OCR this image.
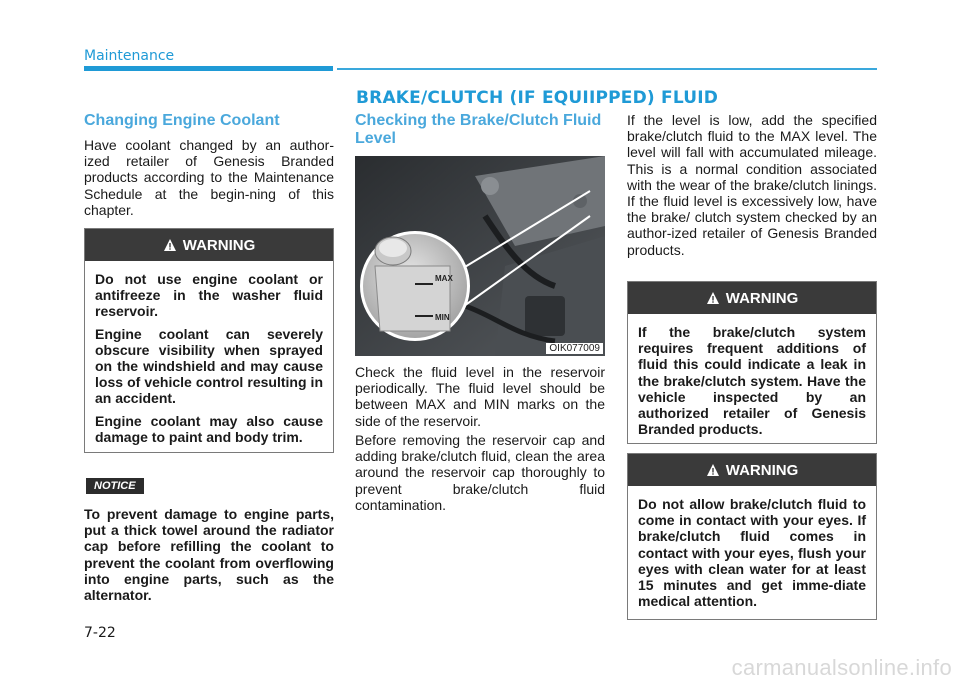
Maintenance
BRAKE/CLUTCH (IF EQUIIPPED) FLUID
Changing Engine Coolant

Have coolant changed by an author-ized retailer of Genesis Branded products according to the Maintenance Schedule at the begin-ning of this chapter.

WARNING

Do not use engine coolant or antifreeze in the washer fluid reservoir.

Engine coolant can severely obscure visibility when sprayed on the windshield and may cause loss of vehicle control resulting in an accident.

Engine coolant may also cause damage to paint and body trim.

NOTICE

To prevent damage to engine parts, put a thick towel around the radiator cap before refilling the coolant to prevent the coolant from overflowing into engine parts, such as the alternator.

Checking the Brake/Clutch Fluid Level
MAX
MIN
OIK077009

Check the fluid level in the reservoir periodically. The fluid level should be between MAX and MIN marks on the side of the reservoir.

Before removing the reservoir cap and adding brake/clutch fluid, clean the area around the reservoir cap thoroughly to prevent brake/clutch fluid contamination.

If the level is low, add the specified brake/clutch fluid to the MAX level. The level will fall with accumulated mileage. This is a normal condition associated with the wear of the brake/clutch linings. If the fluid level is excessively low, have the brake/ clutch system checked by an author-ized retailer of Genesis Branded products.

WARNING

If the brake/clutch system requires frequent additions of fluid this could indicate a leak in the brake/clutch system. Have the vehicle inspected by an authorized retailer of Genesis Branded products.

WARNING

Do not allow brake/clutch fluid to come in contact with your eyes. If brake/clutch fluid comes in contact with your eyes, flush your eyes with clean water for at least 15 minutes and get imme-diate medical attention.

7-22
carmanualsonline.info
